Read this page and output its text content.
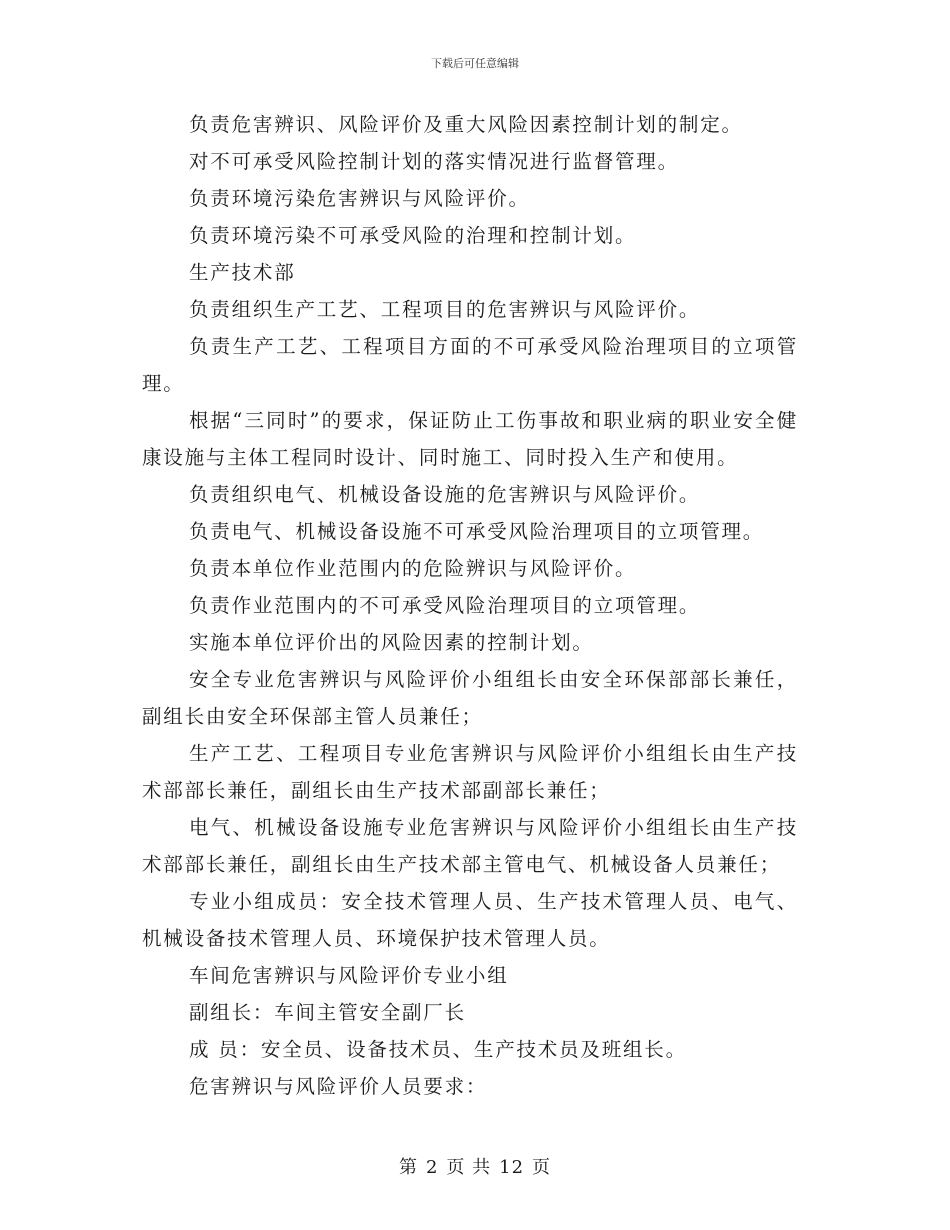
下载后可任意编辑

负责危害辨识、风险评价及重大风险因素控制计划的制定。

对不可承受风险控制计划的落实情况进行监督管理。

负责环境污染危害辨识与风险评价。

负责环境污染不可承受风险的治理和控制计划。

生产技术部

负责组织生产工艺、工程项目的危害辨识与风险评价。

负责生产工艺、工程项目方面的不可承受风险治理项目的立项管理。

根据“三同时”的要求，保证防止工伤事故和职业病的职业安全健康设施与主体工程同时设计、同时施工、同时投入生产和使用。

负责组织电气、机械设备设施的危害辨识与风险评价。

负责电气、机械设备设施不可承受风险治理项目的立项管理。

负责本单位作业范围内的危险辨识与风险评价。

负责作业范围内的不可承受风险治理项目的立项管理。

实施本单位评价出的风险因素的控制计划。

安全专业危害辨识与风险评价小组组长由安全环保部部长兼任，副组长由安全环保部主管人员兼任；

生产工艺、工程项目专业危害辨识与风险评价小组组长由生产技术部部长兼任，副组长由生产技术部副部长兼任；

电气、机械设备设施专业危害辨识与风险评价小组组长由生产技术部部长兼任，副组长由生产技术部主管电气、机械设备人员兼任；

专业小组成员：安全技术管理人员、生产技术管理人员、电气、机械设备技术管理人员、环境保护技术管理人员。

车间危害辨识与风险评价专业小组

副组长：车间主管安全副厂长

成 员：安全员、设备技术员、生产技术员及班组长。

危害辨识与风险评价人员要求：

第 2 页 共 12 页
